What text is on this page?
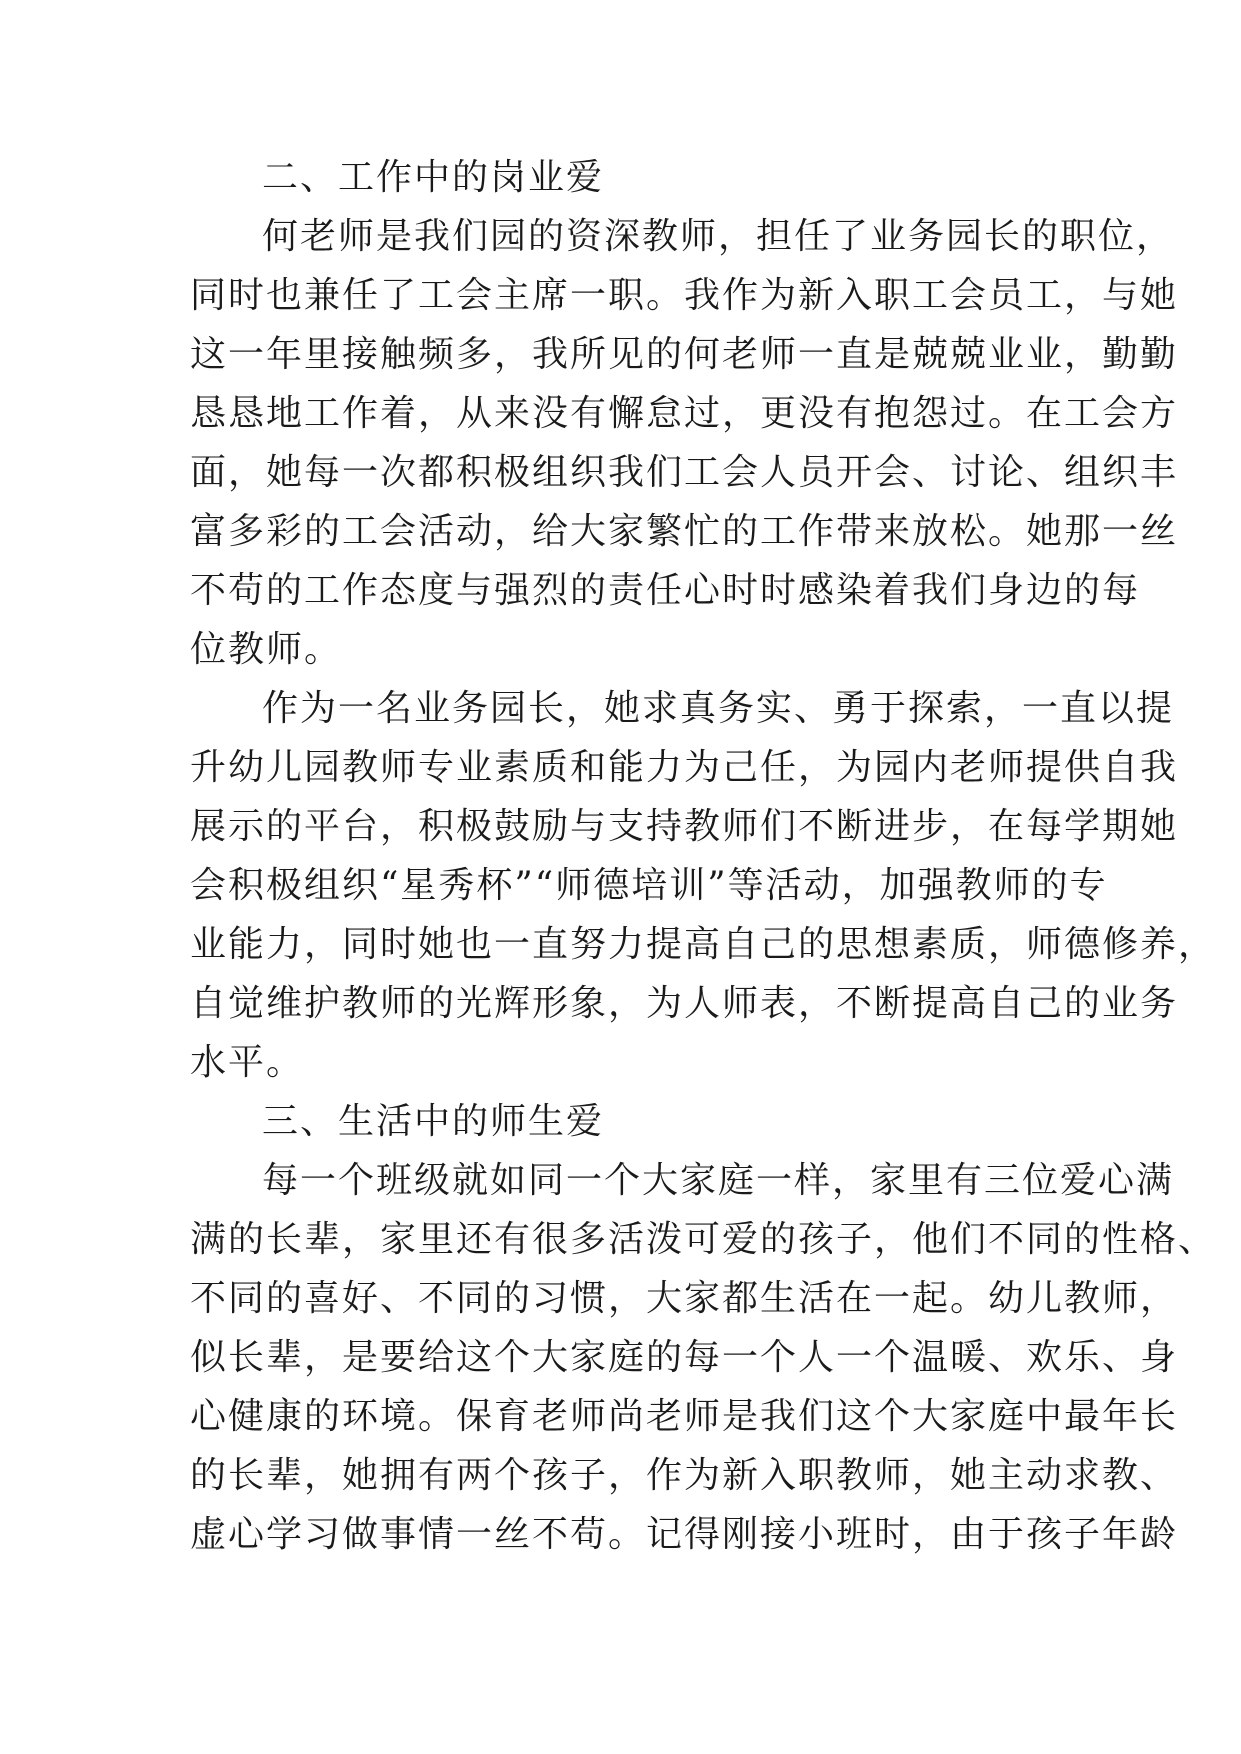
二、工作中的岗业爱
何老师是我们园的资深教师，担任了业务园长的职位，
同时也兼任了工会主席一职。我作为新入职工会员工，与她
这一年里接触频多，我所见的何老师一直是兢兢业业，勤勤
恳恳地工作着，从来没有懈怠过，更没有抱怨过。在工会方
面，她每一次都积极组织我们工会人员开会、讨论、组织丰
富多彩的工会活动，给大家繁忙的工作带来放松。她那一丝
不苟的工作态度与强烈的责任心时时感染着我们身边的每
位教师。
作为一名业务园长，她求真务实、勇于探索，一直以提
升幼儿园教师专业素质和能力为己任，为园内老师提供自我
展示的平台，积极鼓励与支持教师们不断进步，在每学期她
会积极组织“星秀杯”“师德培训”等活动，加强教师的专
业能力，同时她也一直努力提高自己的思想素质，师德修养，
自觉维护教师的光辉形象，为人师表，不断提高自己的业务
水平。
三、生活中的师生爱
每一个班级就如同一个大家庭一样，家里有三位爱心满
满的长辈，家里还有很多活泼可爱的孩子，他们不同的性格、
不同的喜好、不同的习惯，大家都生活在一起。幼儿教师，
似长辈，是要给这个大家庭的每一个人一个温暖、欢乐、身
心健康的环境。保育老师尚老师是我们这个大家庭中最年长
的长辈，她拥有两个孩子，作为新入职教师，她主动求教、
虚心学习做事情一丝不苟。记得刚接小班时，由于孩子年龄
